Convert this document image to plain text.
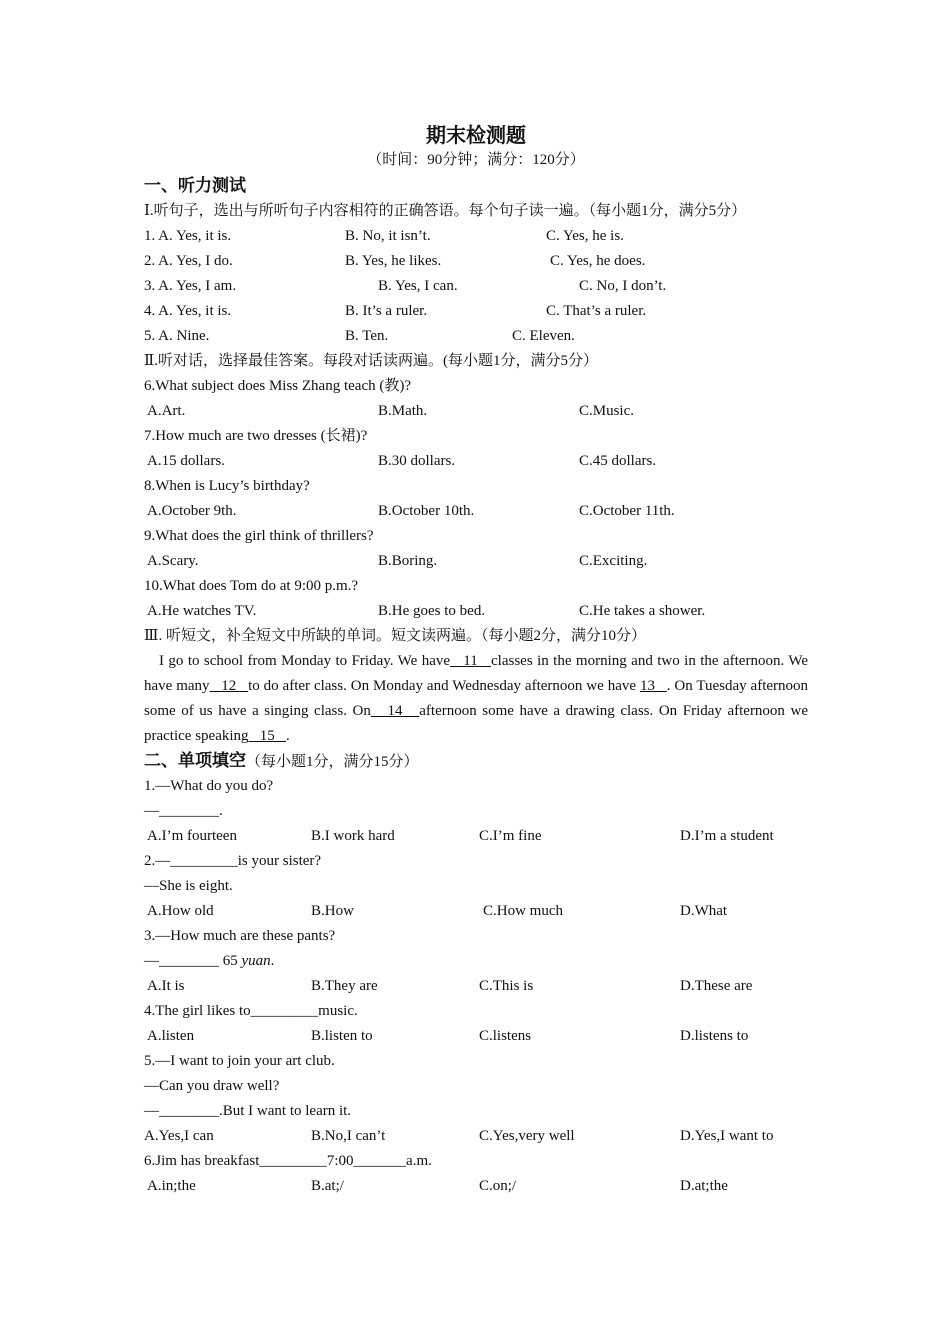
期末检测题
（时间：90分钟；满分：120分）
一、听力测试
Ⅰ.听句子，选出与所听句子内容相符的正确答语。每个句子读一遍。（每小题1分，满分5分）
1. A. Yes, it is.	B. No, it isn’t.	C. Yes, he is.
2. A. Yes, I do.	B. Yes, he likes.	C. Yes, he does.
3. A. Yes, I am.	B. Yes, I can.	C. No, I don’t.
4. A. Yes, it is.	B. It’s a ruler.	C. That’s a ruler.
5. A. Nine.	B. Ten.	C. Eleven.
Ⅱ.听对话，选择最佳答案。每段对话读两遍。(每小题1分，满分5分）
6.What subject does Miss Zhang teach (教)?
A.Art.	B.Math.	C.Music.
7.How much are two dresses (长裙)?
A.15 dollars.	B.30 dollars.	C.45 dollars.
8.When is Lucy’s birthday?
A.October 9th.	B.October 10th.	C.October 11th.
9.What does the girl think of thrillers?
A.Scary.	B.Boring.	C.Exciting.
10.What does Tom do at 9:00 p.m.?
A.He watches TV.	B.He goes to bed.	C.He takes a shower.
Ⅲ. 听短文，补全短文中所缺的单词。短文读两遍。（每小题2分，满分10分）
I go to school from Monday to Friday. We have   11   classes in the morning and two in the afternoon. We have many   12   to do after class. On Monday and Wednesday afternoon we have 13   . On Tuesday afternoon some of us have a singing class. On   14   afternoon some have a drawing class. On Friday afternoon we practice speaking   15   .
二、单项填空（每小题1分，满分15分）
1.—What do you do?
—________.
A.I’m fourteen	B.I work hard	C.I’m fine	D.I’m a student
2.—_________is your sister?
—She is eight.
A.How old	B.How	C.How much	D.What
3.—How much are these pants?
—________ 65 yuan.
A.It is	B.They are	C.This is	D.These are
4.The girl likes to_________music.
A.listen	B.listen to	C.listens	D.listens to
5.—I want to join your art club.
—Can you draw well?
—________.But I want to learn it.
A.Yes,I can	B.No,I can’t	C.Yes,very well	D.Yes,I want to
6.Jim has breakfast_________7:00_______a.m.
A.in;the	B.at;/	C.on;/	D.at;the
